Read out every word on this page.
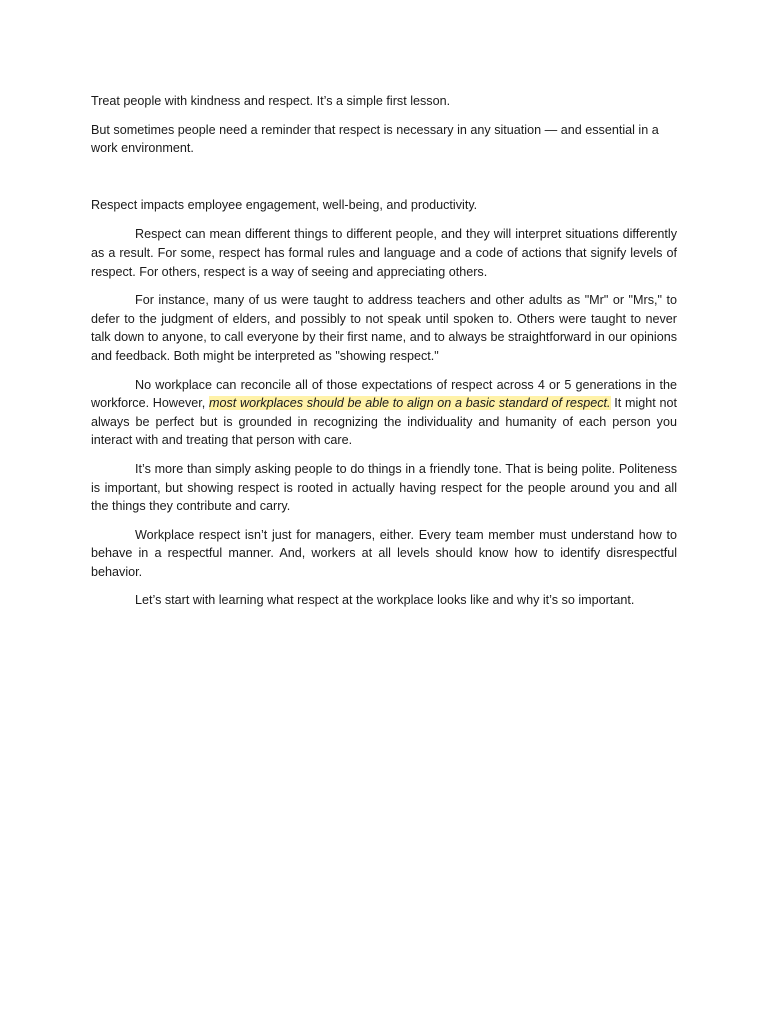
Treat people with kindness and respect. It’s a simple first lesson.

But sometimes people need a reminder that respect is necessary in any situation — and essential in a work environment.

Respect impacts employee engagement, well-being, and productivity.

Respect can mean different things to different people, and they will interpret situations differently as a result. For some, respect has formal rules and language and a code of actions that signify levels of respect. For others, respect is a way of seeing and appreciating others.

For instance, many of us were taught to address teachers and other adults as "Mr" or "Mrs," to defer to the judgment of elders, and possibly to not speak until spoken to. Others were taught to never talk down to anyone, to call everyone by their first name, and to always be straightforward in our opinions and feedback. Both might be interpreted as "showing respect."

No workplace can reconcile all of those expectations of respect across 4 or 5 generations in the workforce. However, most workplaces should be able to align on a basic standard of respect. It might not always be perfect but is grounded in recognizing the individuality and humanity of each person you interact with and treating that person with care.

It’s more than simply asking people to do things in a friendly tone. That is being polite. Politeness is important, but showing respect is rooted in actually having respect for the people around you and all the things they contribute and carry.

Workplace respect isn’t just for managers, either. Every team member must understand how to behave in a respectful manner. And, workers at all levels should know how to identify disrespectful behavior.

Let’s start with learning what respect at the workplace looks like and why it’s so important.
